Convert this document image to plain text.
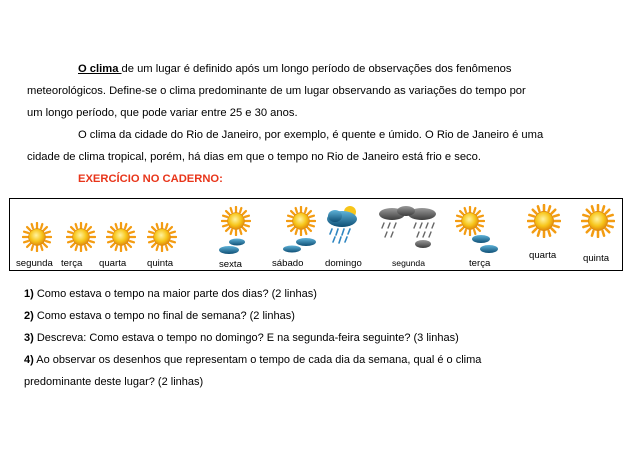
O clima de um lugar é definido após um longo período de observações dos fenômenos
meteorológicos. Define-se o clima predominante de um lugar observando as variações do tempo por
um longo período, que pode variar entre 25 e 30 anos.
O clima da cidade do Rio de Janeiro, por exemplo, é quente e úmido. O Rio de Janeiro é uma
cidade de clima tropical, porém, há dias em que o tempo no Rio de Janeiro está frio e seco.
EXERCÍCIO NO CADERNO:
segunda terça quarta quinta	sexta	sábado domingo	segunda	terça
quarta	quinta
1) Como estava o tempo na maior parte dos dias? (2 linhas)
2) Como estava o tempo no final de semana? (2 linhas)
3) Descreva: Como estava o tempo no domingo? E na segunda-feira seguinte? (3 linhas)
4) Ao observar os desenhos que representam o tempo de cada dia da semana, qual é o clima
predominante deste lugar? (2 linhas)
